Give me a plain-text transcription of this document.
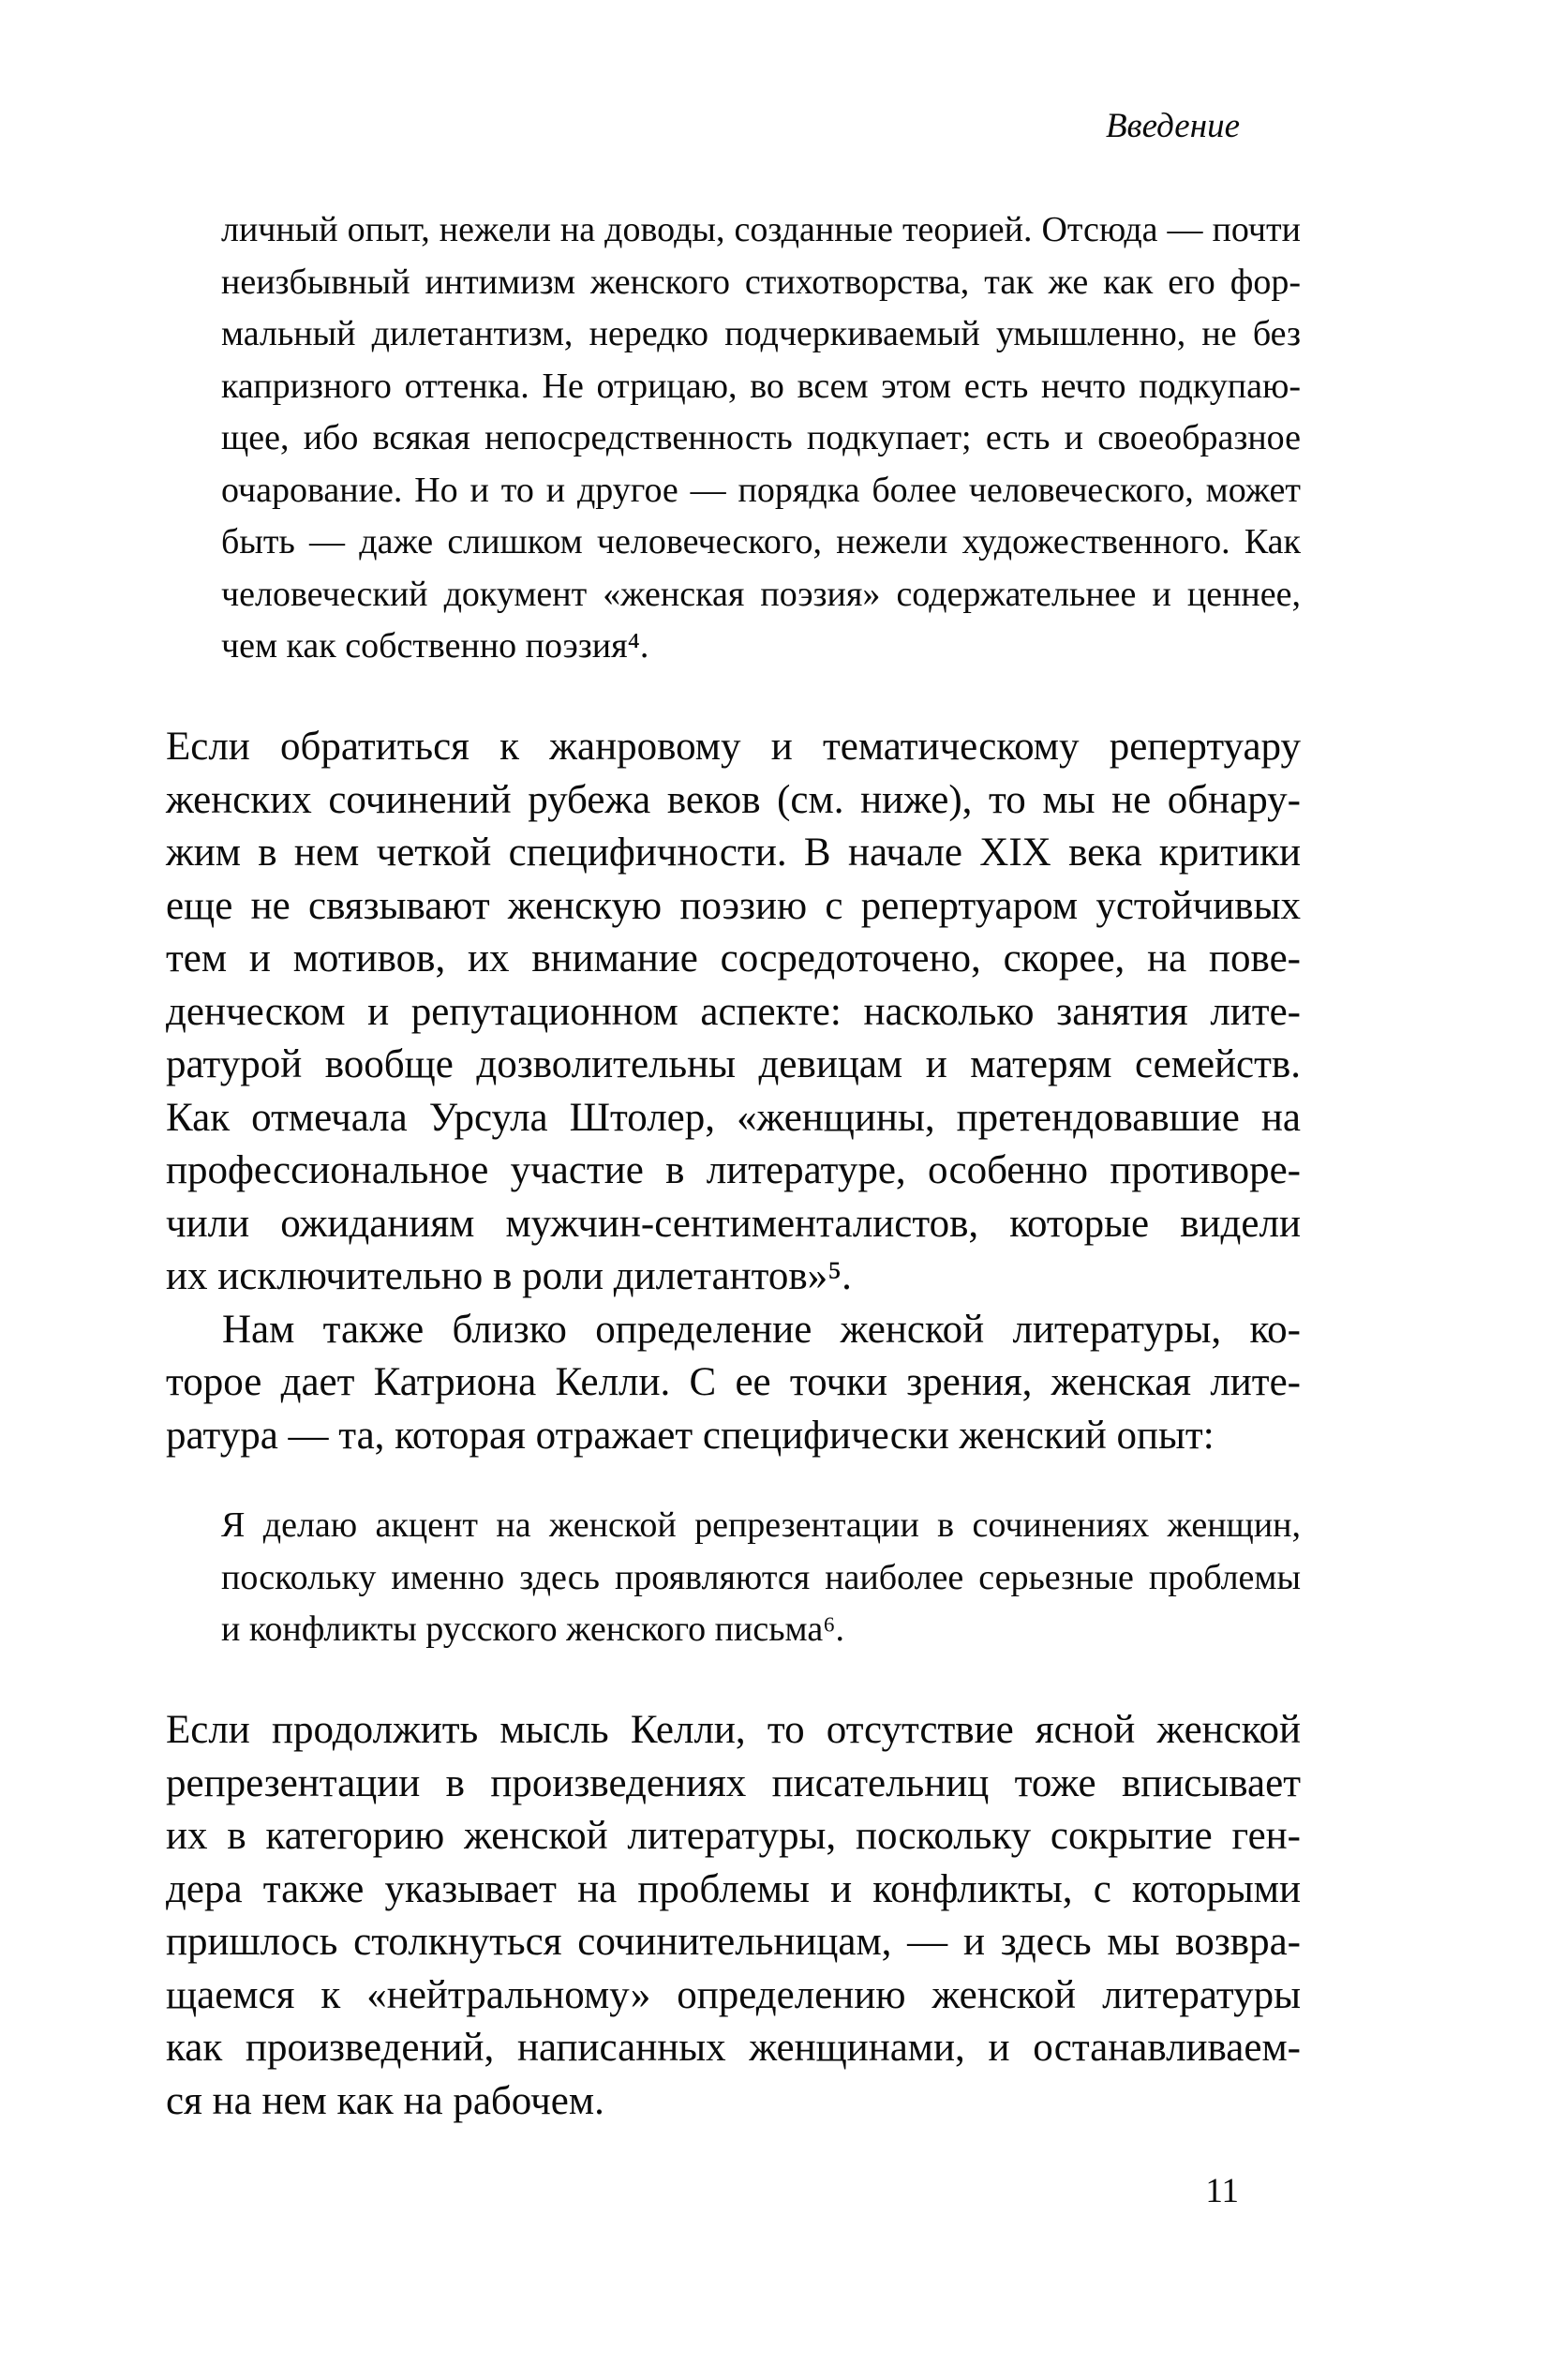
Введение
личный опыт, нежели на доводы, созданные теорией. Отсюда — почти
неизбывный интимизм женского стихотворства, так же как его фор-
мальный дилетантизм, нередко подчеркиваемый умышленно, не без
капризного оттенка. Не отрицаю, во всем этом есть нечто подкупаю-
щее, ибо всякая непосредственность подкупает; есть и своеобразное
очарование. Но и то и другое — порядка более человеческого, может
быть — даже слишком человеческого, нежели художественного. Как
человеческий документ «женская поэзия» содержательнее и ценнее,
чем как собственно поэзия⁴.
Если обратиться к жанровому и тематическому репертуару
женских сочинений рубежа веков (см. ниже), то мы не обнару-
жим в нем четкой специфичности. В начале XIX века критики
еще не связывают женскую поэзию с репертуаром устойчивых
тем и мотивов, их внимание сосредоточено, скорее, на пове-
денческом и репутационном аспекте: насколько занятия лите-
ратурой вообще дозволительны девицам и матерям семейств.
Как отмечала Урсула Штолер, «женщины, претендовавшие на
профессиональное участие в литературе, особенно противоре-
чили ожиданиям мужчин-сентименталистов, которые видели
их исключительно в роли дилетантов»⁵.
Нам также близко определение женской литературы, ко-
торое дает Катриона Келли. С ее точки зрения, женская лите-
ратура — та, которая отражает специфически женский опыт:
Я делаю акцент на женской репрезентации в сочинениях женщин,
поскольку именно здесь проявляются наиболее серьезные проблемы
и конфликты русского женского письма⁶.
Если продолжить мысль Келли, то отсутствие ясной женской
репрезентации в произведениях писательниц тоже вписывает
их в категорию женской литературы, поскольку сокрытие ген-
дера также указывает на проблемы и конфликты, с которыми
пришлось столкнуться сочинительницам, — и здесь мы возвра-
щаемся к «нейтральному» определению женской литературы
как произведений, написанных женщинами, и останавливаем-
ся на нем как на рабочем.
11
